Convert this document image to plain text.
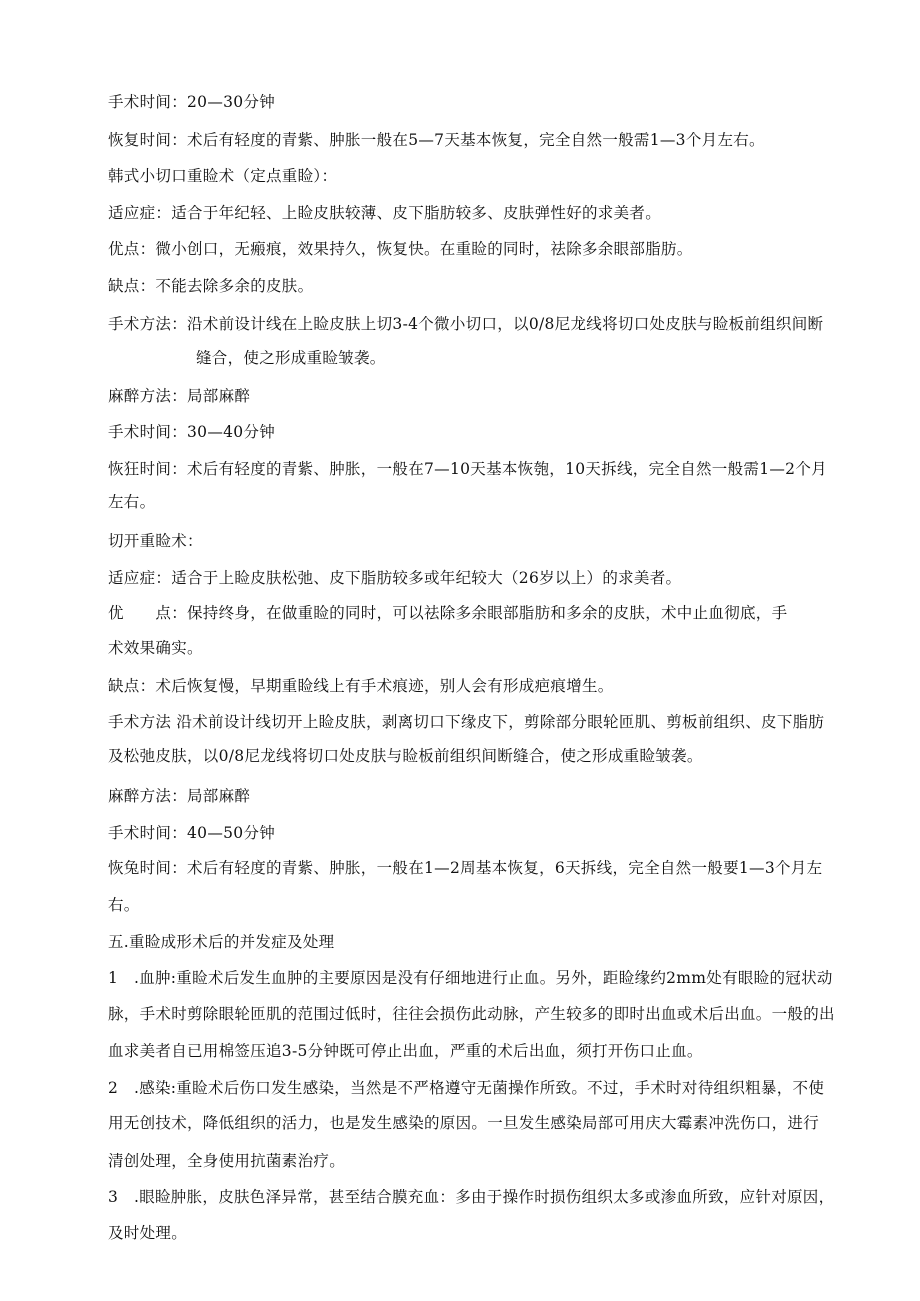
手术时间：20—30分钟
恢复时间：术后有轻度的青紫、肿胀一般在5—7天基本恢复，完全自然一般需1—3个月左右。
韩式小切口重睑术（定点重睑）：
适应症：适合于年纪轻、上睑皮肤较薄、皮下脂肪较多、皮肤弹性好的求美者。
优点：微小创口，无瘢痕，效果持久，恢复快。在重睑的同时，祛除多余眼部脂肪。
缺点：不能去除多余的皮肤。
手术方法：沿术前设计线在上睑皮肤上切3-4个微小切口，以0/8尼龙线将切口处皮肤与睑板前组织间断
缝合，使之形成重睑皱袭。
麻醉方法：局部麻醉
手术时间：30—40分钟
恢狂时间：术后有轻度的青紫、肿胀，一般在7—10天基本恢匏，10天拆线，完全自然一般需1—2个月
左右。
切开重睑术：
适应症：适合于上睑皮肤松弛、皮下脂肪较多或年纪较大（26岁以上）的求美者。
优　　点：保持终身，在做重睑的同时，可以祛除多余眼部脂肪和多余的皮肤，术中止血彻底，手
术效果确实。
缺点：术后恢复慢，早期重睑线上有手术痕迹，别人会有形成疤痕增生。
手术方法 沿术前设计线切开上睑皮肤，剥离切口下缘皮下，剪除部分眼轮匝肌、剪板前组织、皮下脂肪
及松弛皮肤，以0/8尼龙线将切口处皮肤与睑板前组织间断缝合，使之形成重睑皱袭。
麻醉方法：局部麻醉
手术时间：40—50分钟
恢兔时间：术后有轻度的青紫、肿胀，一般在1—2周基本恢复，6天拆线，完全自然一般要1—3个月左
右。
五.重睑成形术后的并发症及处理
1　.血肿:重睑术后发生血肿的主要原因是没有仔细地进行止血。另外，距睑缘约2mm处有眼睑的冠状动
脉，手术时剪除眼轮匝肌的范围过低时，往往会损伤此动脉，产生较多的即时出血或术后出血。一般的出
血求美者自已用棉签压追3-5分钟既可停止出血，严重的术后出血，须打开伤口止血。
2　.感染:重睑术后伤口发生感染，当然是不严格遵守无菌操作所致。不过，手术时对待组织粗暴，不使
用无创技术，降低组织的活力，也是发生感染的原因。一旦发生感染局部可用庆大霉素冲洗伤口，进行
清创处理，全身使用抗菌素治疗。
3　.眼睑肿胀，皮肤色泽异常，甚至结合膜充血：多由于操作时损伤组织太多或渗血所致，应针对原因，
及时处理。
